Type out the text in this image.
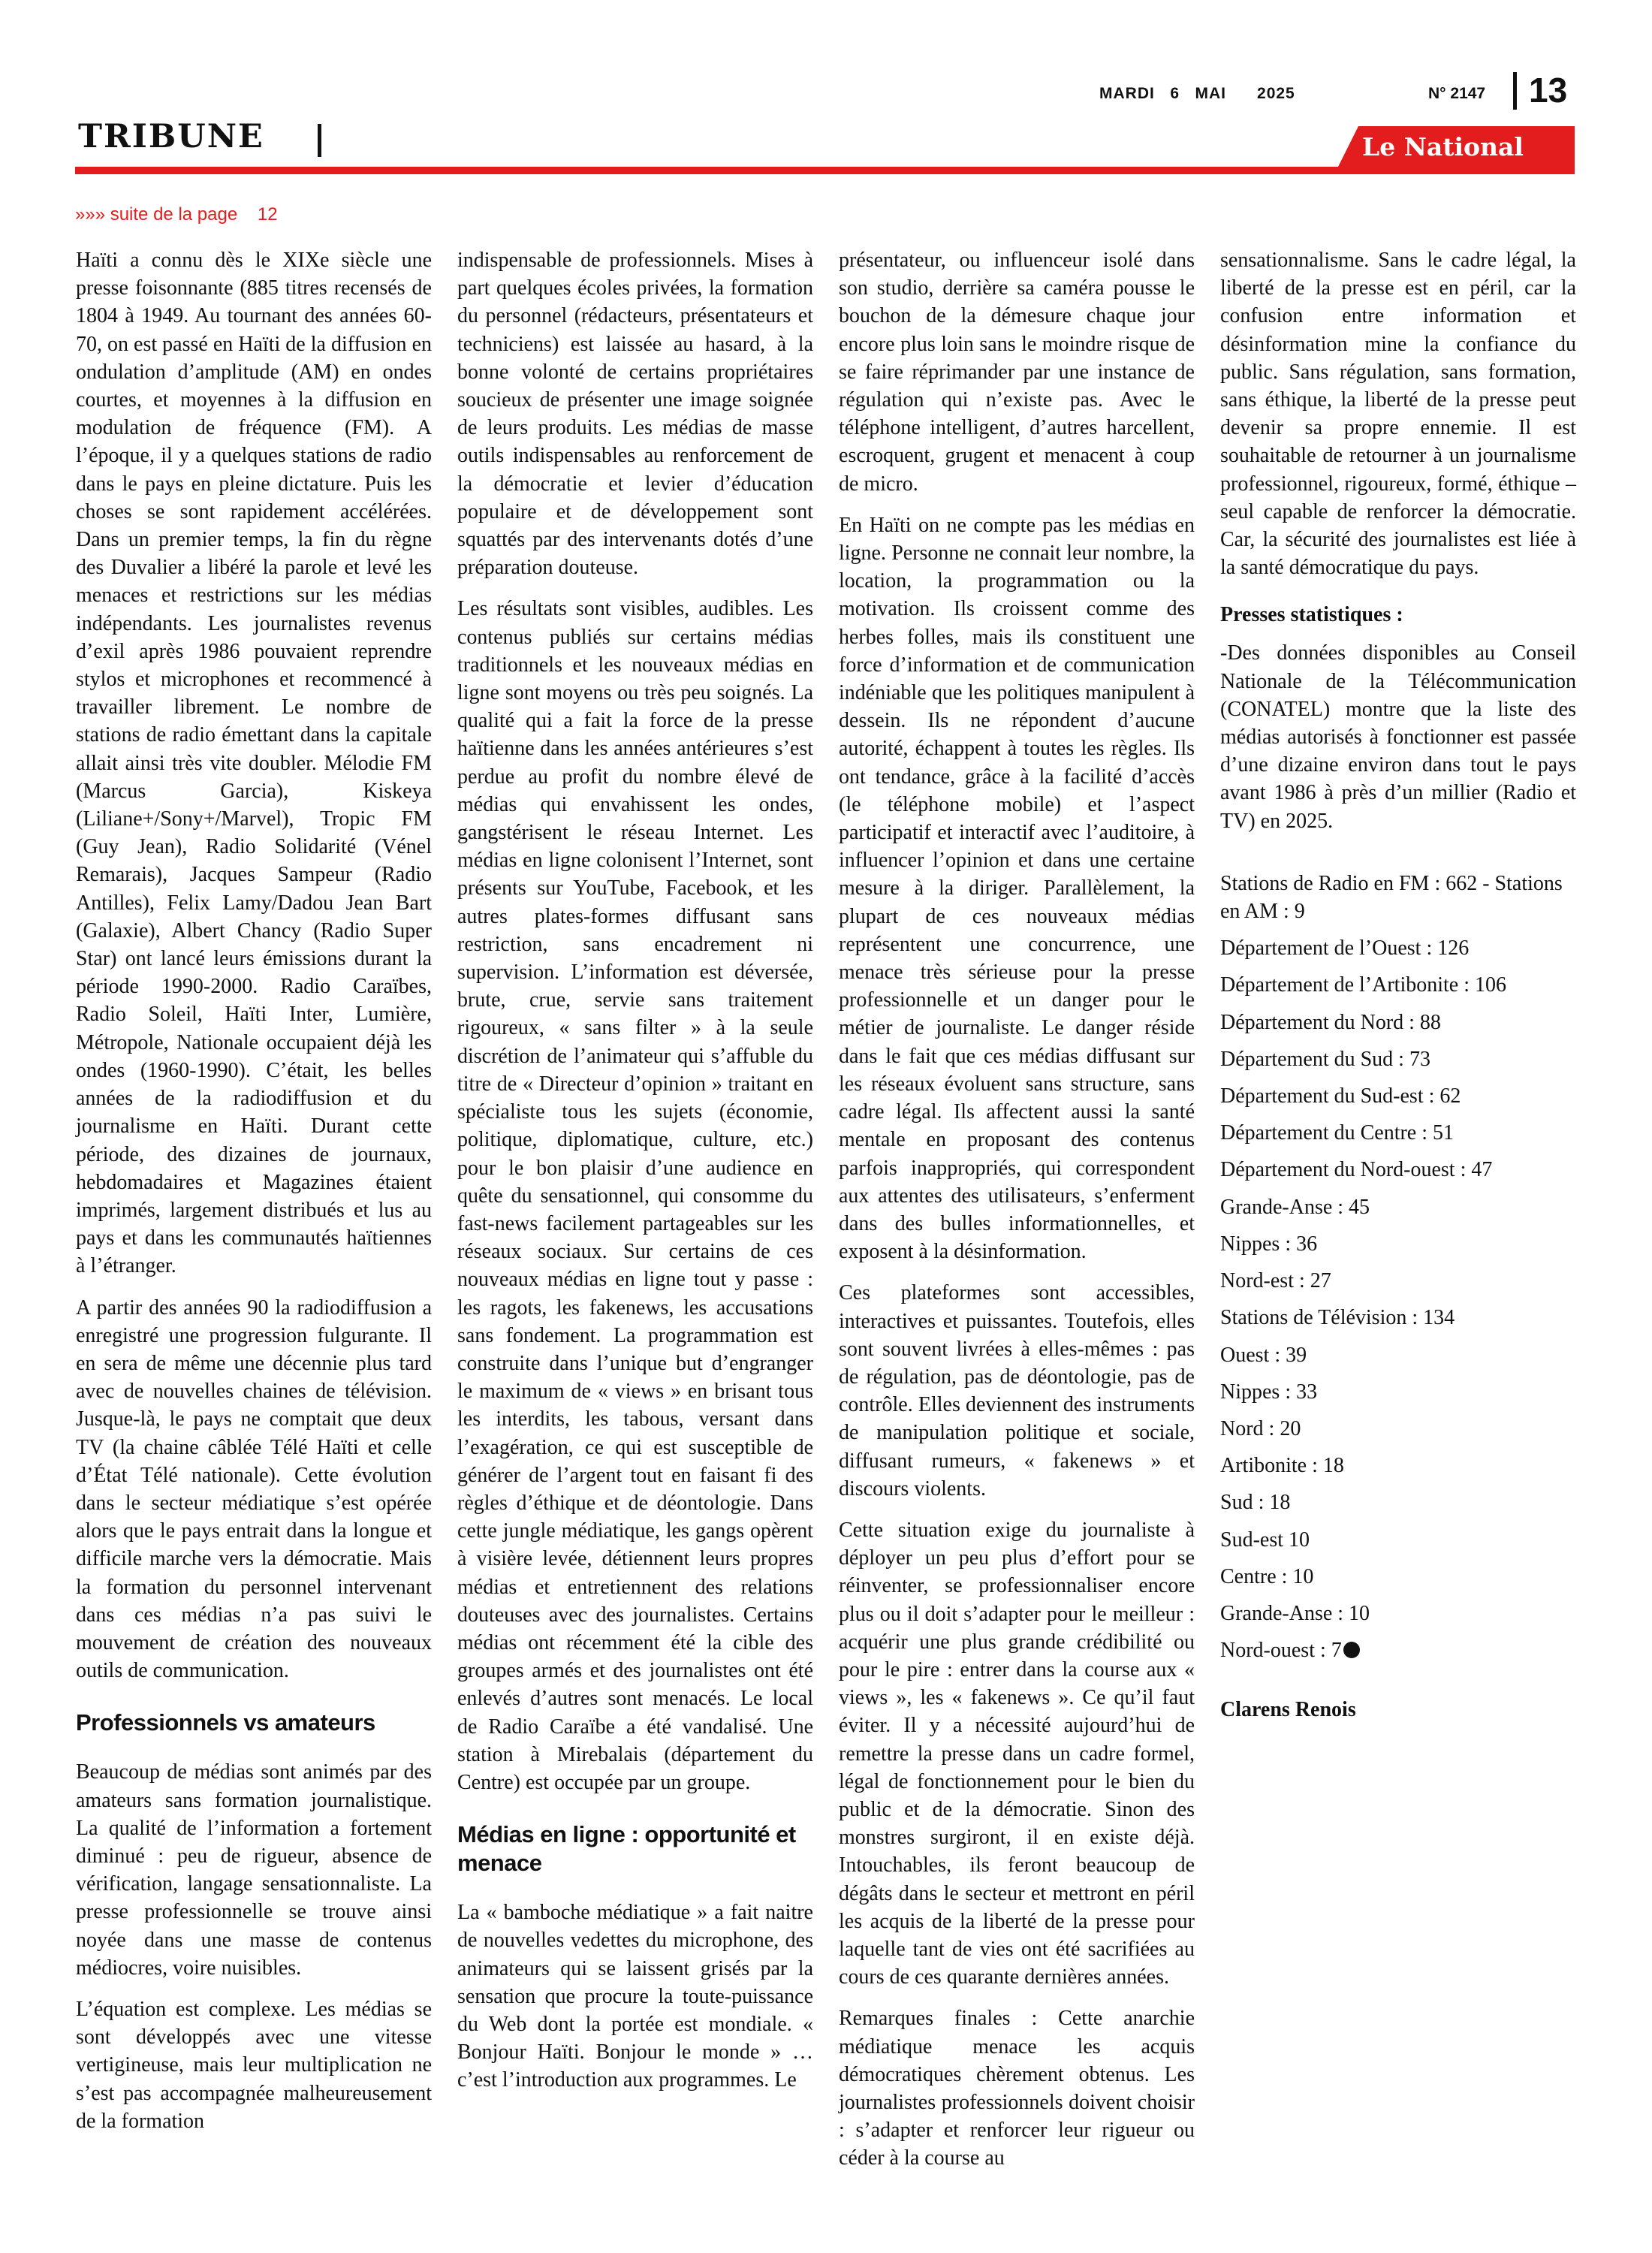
MARDI   6   MAI      2025	N° 2147 13
TRIBUNE	Le National
»»» suite de la page    12

Haïti a connu dès le XIXe siècle une presse foisonnante (885 titres recensés de 1804 à 1949. Au tournant des années 60-70, on est passé en Haïti de la diffusion en ondulation d’amplitude (AM) en ondes courtes, et moyennes à la diffusion en modulation de fréquence (FM). A l’époque, il y a quelques stations de radio dans le pays en pleine dictature. Puis les choses se sont rapidement accélérées. Dans un premier temps, la fin du règne des Duvalier a libéré la parole et levé les menaces et restrictions sur les médias indépendants. Les journalistes revenus d’exil après 1986 pouvaient reprendre stylos et microphones et recommencé à travailler librement. Le nombre de stations de radio émettant dans la capitale allait ainsi très vite doubler. Mélodie FM (Marcus Garcia), Kiskeya (Liliane+/Sony+/Marvel), Tropic FM (Guy Jean), Radio Solidarité (Vénel Remarais), Jacques Sampeur (Radio Antilles), Felix Lamy/Dadou Jean Bart (Galaxie), Albert Chancy (Radio Super Star) ont lancé leurs émissions durant la période 1990-2000. Radio Caraïbes, Radio Soleil, Haïti Inter, Lumière, Métropole, Nationale occupaient déjà les ondes (1960-1990). C’était, les belles années de la radiodiffusion et du journalisme en Haïti. Durant cette période, des dizaines de journaux, hebdomadaires et Magazines étaient imprimés, largement distribués et lus au pays et dans les communautés haïtiennes à l’étranger.

A partir des années 90 la radiodiffusion a enregistré une progression fulgurante. Il en sera de même une décennie plus tard avec de nouvelles chaines de télévision. Jusque-là, le pays ne comptait que deux TV (la chaine câblée Télé Haïti et celle d’État Télé nationale). Cette évolution dans le secteur médiatique s’est opérée alors que le pays entrait dans la longue et difficile marche vers la démocratie. Mais la formation du personnel intervenant dans ces médias n’a pas suivi le mouvement de création des nouveaux outils de communication.

Professionnels vs amateurs

Beaucoup de médias sont animés par des amateurs sans formation journalistique. La qualité de l’information a fortement diminué : peu de rigueur, absence de vérification, langage sensationnaliste. La presse professionnelle se trouve ainsi noyée dans une masse de contenus médiocres, voire nuisibles.

L’équation est complexe. Les médias se sont développés avec une vitesse vertigineuse, mais leur multiplication ne s’est pas accompagnée malheureusement de la formation

indispensable de professionnels. Mises à part quelques écoles privées, la formation du personnel (rédacteurs, présentateurs et techniciens) est laissée au hasard, à la bonne volonté de certains propriétaires soucieux de présenter une image soignée de leurs produits. Les médias de masse outils indispensables au renforcement de la démocratie et levier d’éducation populaire et de développement sont squattés par des intervenants dotés d’une préparation douteuse.

Les résultats sont visibles, audibles. Les contenus publiés sur certains médias traditionnels et les nouveaux médias en ligne sont moyens ou très peu soignés. La qualité qui a fait la force de la presse haïtienne dans les années antérieures s’est perdue au profit du nombre élevé de médias qui envahissent les ondes, gangstérisent le réseau Internet. Les médias en ligne colonisent l’Internet, sont présents sur YouTube, Facebook, et les autres plates-formes diffusant sans restriction, sans encadrement ni supervision. L’information est déversée, brute, crue, servie sans traitement rigoureux, « sans filter » à la seule discrétion de l’animateur qui s’affuble du titre de « Directeur d’opinion » traitant en spécialiste tous les sujets (économie, politique, diplomatique, culture, etc.) pour le bon plaisir d’une audience en quête du sensationnel, qui consomme du fast-news facilement partageables sur les réseaux sociaux. Sur certains de ces nouveaux médias en ligne tout y passe : les ragots, les fakenews, les accusations sans fondement. La programmation est construite dans l’unique but d’engranger le maximum de « views » en brisant tous les interdits, les tabous, versant dans l’exagération, ce qui est susceptible de générer de l’argent tout en faisant fi des règles d’éthique et de déontologie. Dans cette jungle médiatique, les gangs opèrent à visière levée, détiennent leurs propres médias et entretiennent des relations douteuses avec des journalistes. Certains médias ont récemment été la cible des groupes armés et des journalistes ont été enlevés d’autres sont menacés. Le local de Radio Caraïbe a été vandalisé. Une station à Mirebalais (département du Centre) est occupée par un groupe.

Médias en ligne : opportunité et menace

La « bamboche médiatique » a fait naitre de nouvelles vedettes du microphone, des animateurs qui se laissent grisés par la sensation que procure la toute-puissance du Web dont la portée est mondiale. « Bonjour Haïti. Bonjour le monde » … c’est l’introduction aux programmes. Le

présentateur, ou influenceur isolé dans son studio, derrière sa caméra pousse le bouchon de la démesure chaque jour encore plus loin sans le moindre risque de se faire réprimander par une instance de régulation qui n’existe pas. Avec le téléphone intelligent, d’autres harcellent, escroquent, grugent et menacent à coup de micro.

En Haïti on ne compte pas les médias en ligne. Personne ne connait leur nombre, la location, la programmation ou la motivation. Ils croissent comme des herbes folles, mais ils constituent une force d’information et de communication indéniable que les politiques manipulent à dessein. Ils ne répondent d’aucune autorité, échappent à toutes les règles. Ils ont tendance, grâce à la facilité d’accès (le téléphone mobile) et l’aspect participatif et interactif avec l’auditoire, à influencer l’opinion et dans une certaine mesure à la diriger. Parallèlement, la plupart de ces nouveaux médias représentent une concurrence, une menace très sérieuse pour la presse professionnelle et un danger pour le métier de journaliste. Le danger réside dans le fait que ces médias diffusant sur les réseaux évoluent sans structure, sans cadre légal. Ils affectent aussi la santé mentale en proposant des contenus parfois inappropriés, qui correspondent aux attentes des utilisateurs, s’enferment dans des bulles informationnelles, et exposent à la désinformation.

Ces plateformes sont accessibles, interactives et puissantes. Toutefois, elles sont souvent livrées à elles-mêmes : pas de régulation, pas de déontologie, pas de contrôle. Elles deviennent des instruments de manipulation politique et sociale, diffusant rumeurs, « fakenews » et discours violents.

Cette situation exige du journaliste à déployer un peu plus d’effort pour se réinventer, se professionnaliser encore plus ou il doit s’adapter pour le meilleur : acquérir une plus grande crédibilité ou pour le pire : entrer dans la course aux « views », les « fakenews ». Ce qu’il faut éviter. Il y a nécessité aujourd’hui de remettre la presse dans un cadre formel, légal de fonctionnement pour le bien du public et de la démocratie. Sinon des monstres surgiront, il en existe déjà. Intouchables, ils feront beaucoup de dégâts dans le secteur et mettront en péril les acquis de la liberté de la presse pour laquelle tant de vies ont été sacrifiées au cours de ces quarante dernières années.

Remarques finales : Cette anarchie médiatique menace les acquis démocratiques chèrement obtenus. Les journalistes professionnels doivent choisir : s’adapter et renforcer leur rigueur ou céder à la course au

sensationnalisme. Sans le cadre légal, la liberté de la presse est en péril, car la confusion entre information et désinformation mine la confiance du public. Sans régulation, sans formation, sans éthique, la liberté de la presse peut devenir sa propre ennemie. Il est souhaitable de retourner à un journalisme professionnel, rigoureux, formé, éthique – seul capable de renforcer la démocratie. Car, la sécurité des journalistes est liée à la santé démocratique du pays.

Presses statistiques :

-Des données disponibles au Conseil Nationale de la Télécommunication (CONATEL) montre que la liste des médias autorisés à fonctionner est passée d’une dizaine environ dans tout le pays avant 1986 à près d’un millier (Radio et TV) en 2025.

Stations de Radio en FM : 662 - Stations en AM : 9

Département de l’Ouest : 126

Département de l’Artibonite : 106

Département du Nord : 88

Département du Sud : 73

Département du Sud-est : 62

Département du Centre : 51

Département du Nord-ouest : 47

Grande-Anse : 45

Nippes : 36

Nord-est : 27

Stations de Télévision : 134

Ouest : 39

Nippes : 33

Nord : 20

Artibonite : 18

Sud : 18

Sud-est 10

Centre : 10

Grande-Anse : 10

Nord-ouest : 7

Clarens Renois
